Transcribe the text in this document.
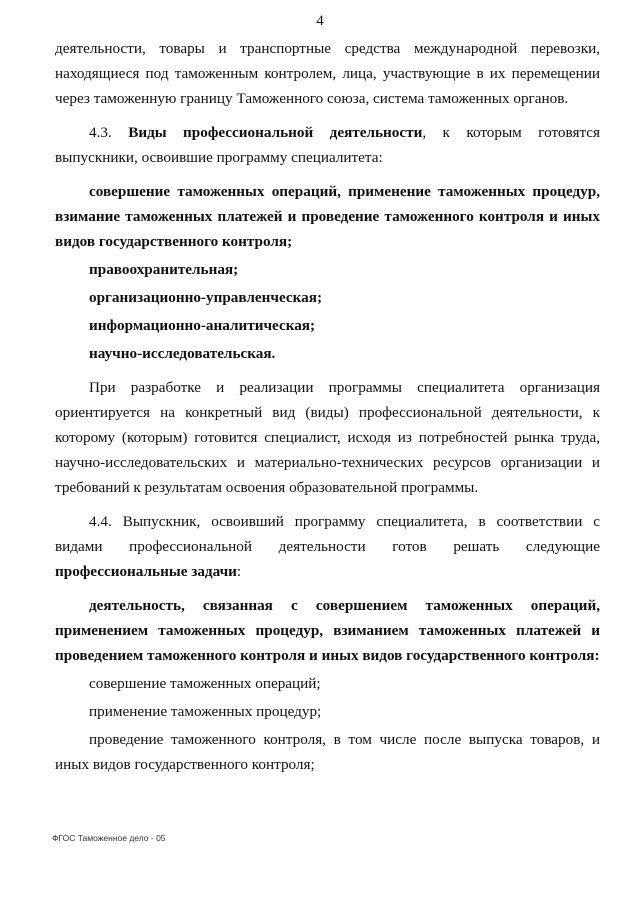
4

деятельности, товары и транспортные средства международной перевозки, находящиеся под таможенным контролем, лица, участвующие в их перемещении через таможенную границу Таможенного союза, система таможенных органов.

4.3. Виды профессиональной деятельности, к которым готовятся выпускники, освоившие программу специалитета:

совершение таможенных операций, применение таможенных процедур, взимание таможенных платежей и проведение таможенного контроля и иных видов государственного контроля;

правоохранительная;

организационно-управленческая;

информационно-аналитическая;

научно-исследовательская.

При разработке и реализации программы специалитета организация ориентируется на конкретный вид (виды) профессиональной деятельности, к которому (которым) готовится специалист, исходя из потребностей рынка труда, научно-исследовательских и материально-технических ресурсов организации и требований к результатам освоения образовательной программы.

4.4. Выпускник, освоивший программу специалитета, в соответствии с видами профессиональной деятельности готов решать следующие профессиональные задачи:

деятельность, связанная с совершением таможенных операций, применением таможенных процедур, взиманием таможенных платежей и проведением таможенного контроля и иных видов государственного контроля:

совершение таможенных операций;

применение таможенных процедур;

проведение таможенного контроля, в том числе после выпуска товаров, и иных видов государственного контроля;

ФГОС Таможенное дело - 05
